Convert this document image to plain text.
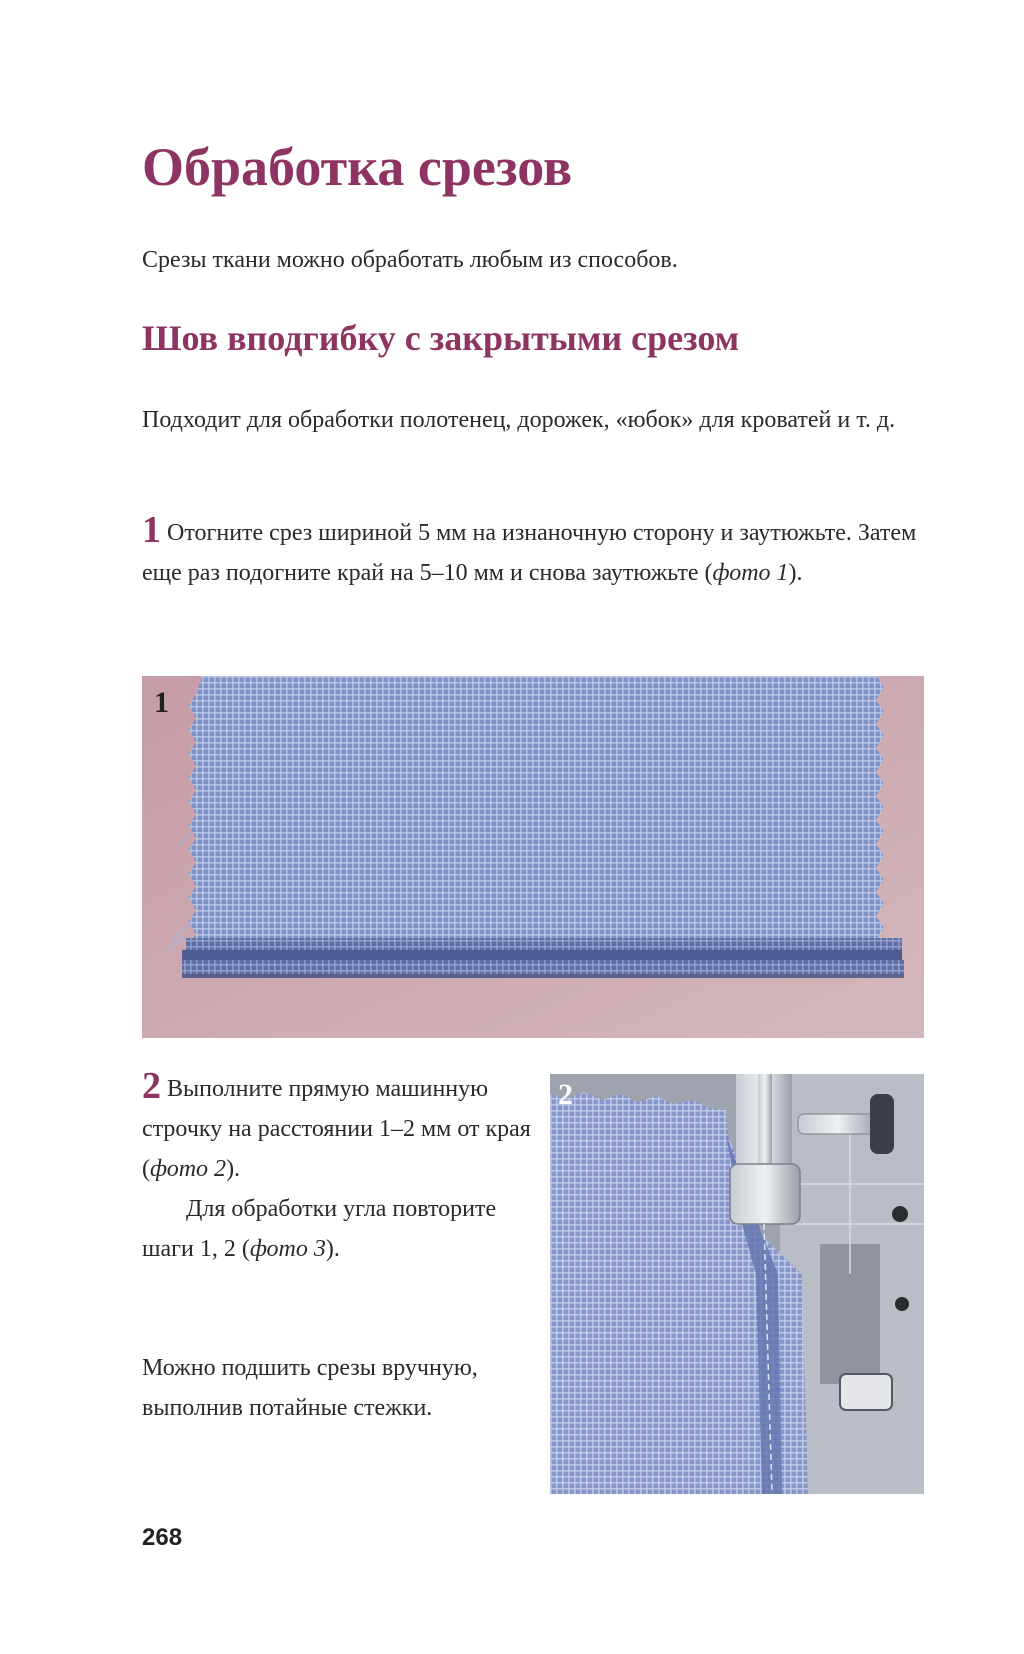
Обработка срезов

Срезы ткани можно обработать любым из способов.

Шов вподгибку с закрытыми срезом

Подходит для обработки полотенец, дорожек, «юбок» для кроватей и т. д.

1 Отогните срез шириной 5 мм на изнаночную сторону и заутюжьте. Затем еще раз подогните край на 5–10 мм и снова заутюжьте (фото 1).

1

2 Выполните прямую машинную строчку на расстоянии 1–2 мм от края (фото 2).
Для обработки угла повторите шаги 1, 2 (фото 3).

2

Можно подшить срезы вручную, выполнив потайные стежки.

268
